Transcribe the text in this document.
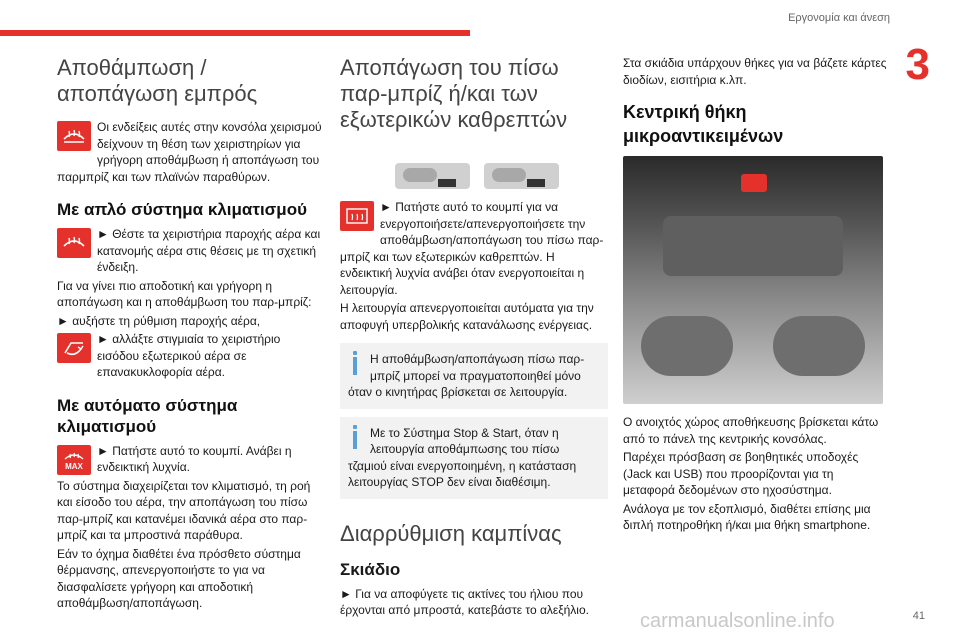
Εργονομία και άνεση
3
Αποθάμπωση / αποπάγωση εμπρός

Οι ενδείξεις αυτές στην κονσόλα χειρισμού δείχνουν τη θέση των χειριστηρίων για γρήγορη αποθάμβωση ή αποπάγωση του παρμπρίζ και των πλαϊνών παραθύρων.

Με απλό σύστημα κλιματισμού

► Θέστε τα χειριστήρια παροχής αέρα και κατανομής αέρα στις θέσεις με τη σχετική ένδειξη.

Για να γίνει πιο αποδοτική και γρήγορη η αποπάγωση και η αποθάμβωση του παρ-μπρίζ:

► αυξήστε τη ρύθμιση παροχής αέρα,

► αλλάξτε στιγμιαία το χειριστήριο εισόδου εξωτερικού αέρα σε επανακυκλοφορία αέρα.

Με αυτόματο σύστημα κλιματισμού
MAX

► Πατήστε αυτό το κουμπί. Ανάβει η ενδεικτική λυχνία.

Το σύστημα διαχειρίζεται τον κλιματισμό, τη ροή και είσοδο του αέρα, την αποπάγωση του πίσω παρ-μπρίζ και κατανέμει ιδανικά αέρα στο παρ-μπρίζ και τα μπροστινά παράθυρα.

Εάν το όχημα διαθέτει ένα πρόσθετο σύστημα θέρμανσης, απενεργοποιήστε το για να διασφαλίσετε γρήγορη και αποδοτική αποθάμβωση/αποπάγωση.

Αποπάγωση του πίσω παρ-μπρίζ ή/και των εξωτερικών καθρεπτών

► Πατήστε αυτό το κουμπί για να ενεργοποιήσετε/απενεργοποιήσετε την αποθάμβωση/αποπάγωση του πίσω παρ-μπρίζ και των εξωτερικών καθρεπτών. Η ενδεικτική λυχνία ανάβει όταν ενεργοποιείται η λειτουργία.

Η λειτουργία απενεργοποιείται αυτόματα για την αποφυγή υπερβολικής κατανάλωσης ενέργειας.

Η αποθάμβωση/αποπάγωση πίσω παρ-μπρίζ μπορεί να πραγματοποιηθεί μόνο όταν ο κινητήρας βρίσκεται σε λειτουργία.

Με το Σύστημα Stop & Start, όταν η λειτουργία αποθάμπωσης του πίσω τζαμιού είναι ενεργοποιημένη, η κατάσταση λειτουργίας STOP δεν είναι διαθέσιμη.

Διαρρύθμιση καμπίνας
Σκιάδιο

► Για να αποφύγετε τις ακτίνες του ήλιου που έρχονται από μπροστά, κατεβάστε το αλεξήλιο.

Στα σκιάδια υπάρχουν θήκες για να βάζετε κάρτες διοδίων, εισιτήρια κ.λπ.

Κεντρική θήκη μικροαντικειμένων

Ο ανοιχτός χώρος αποθήκευσης βρίσκεται κάτω από το πάνελ της κεντρικής κονσόλας.

Παρέχει πρόσβαση σε βοηθητικές υποδοχές (Jack και USB) που προορίζονται για τη μεταφορά δεδομένων στο ηχοσύστημα.

Ανάλογα με τον εξοπλισμό, διαθέτει επίσης μια διπλή ποτηροθήκη ή/και μια θήκη smartphone.

carmanualsonline.info	41
